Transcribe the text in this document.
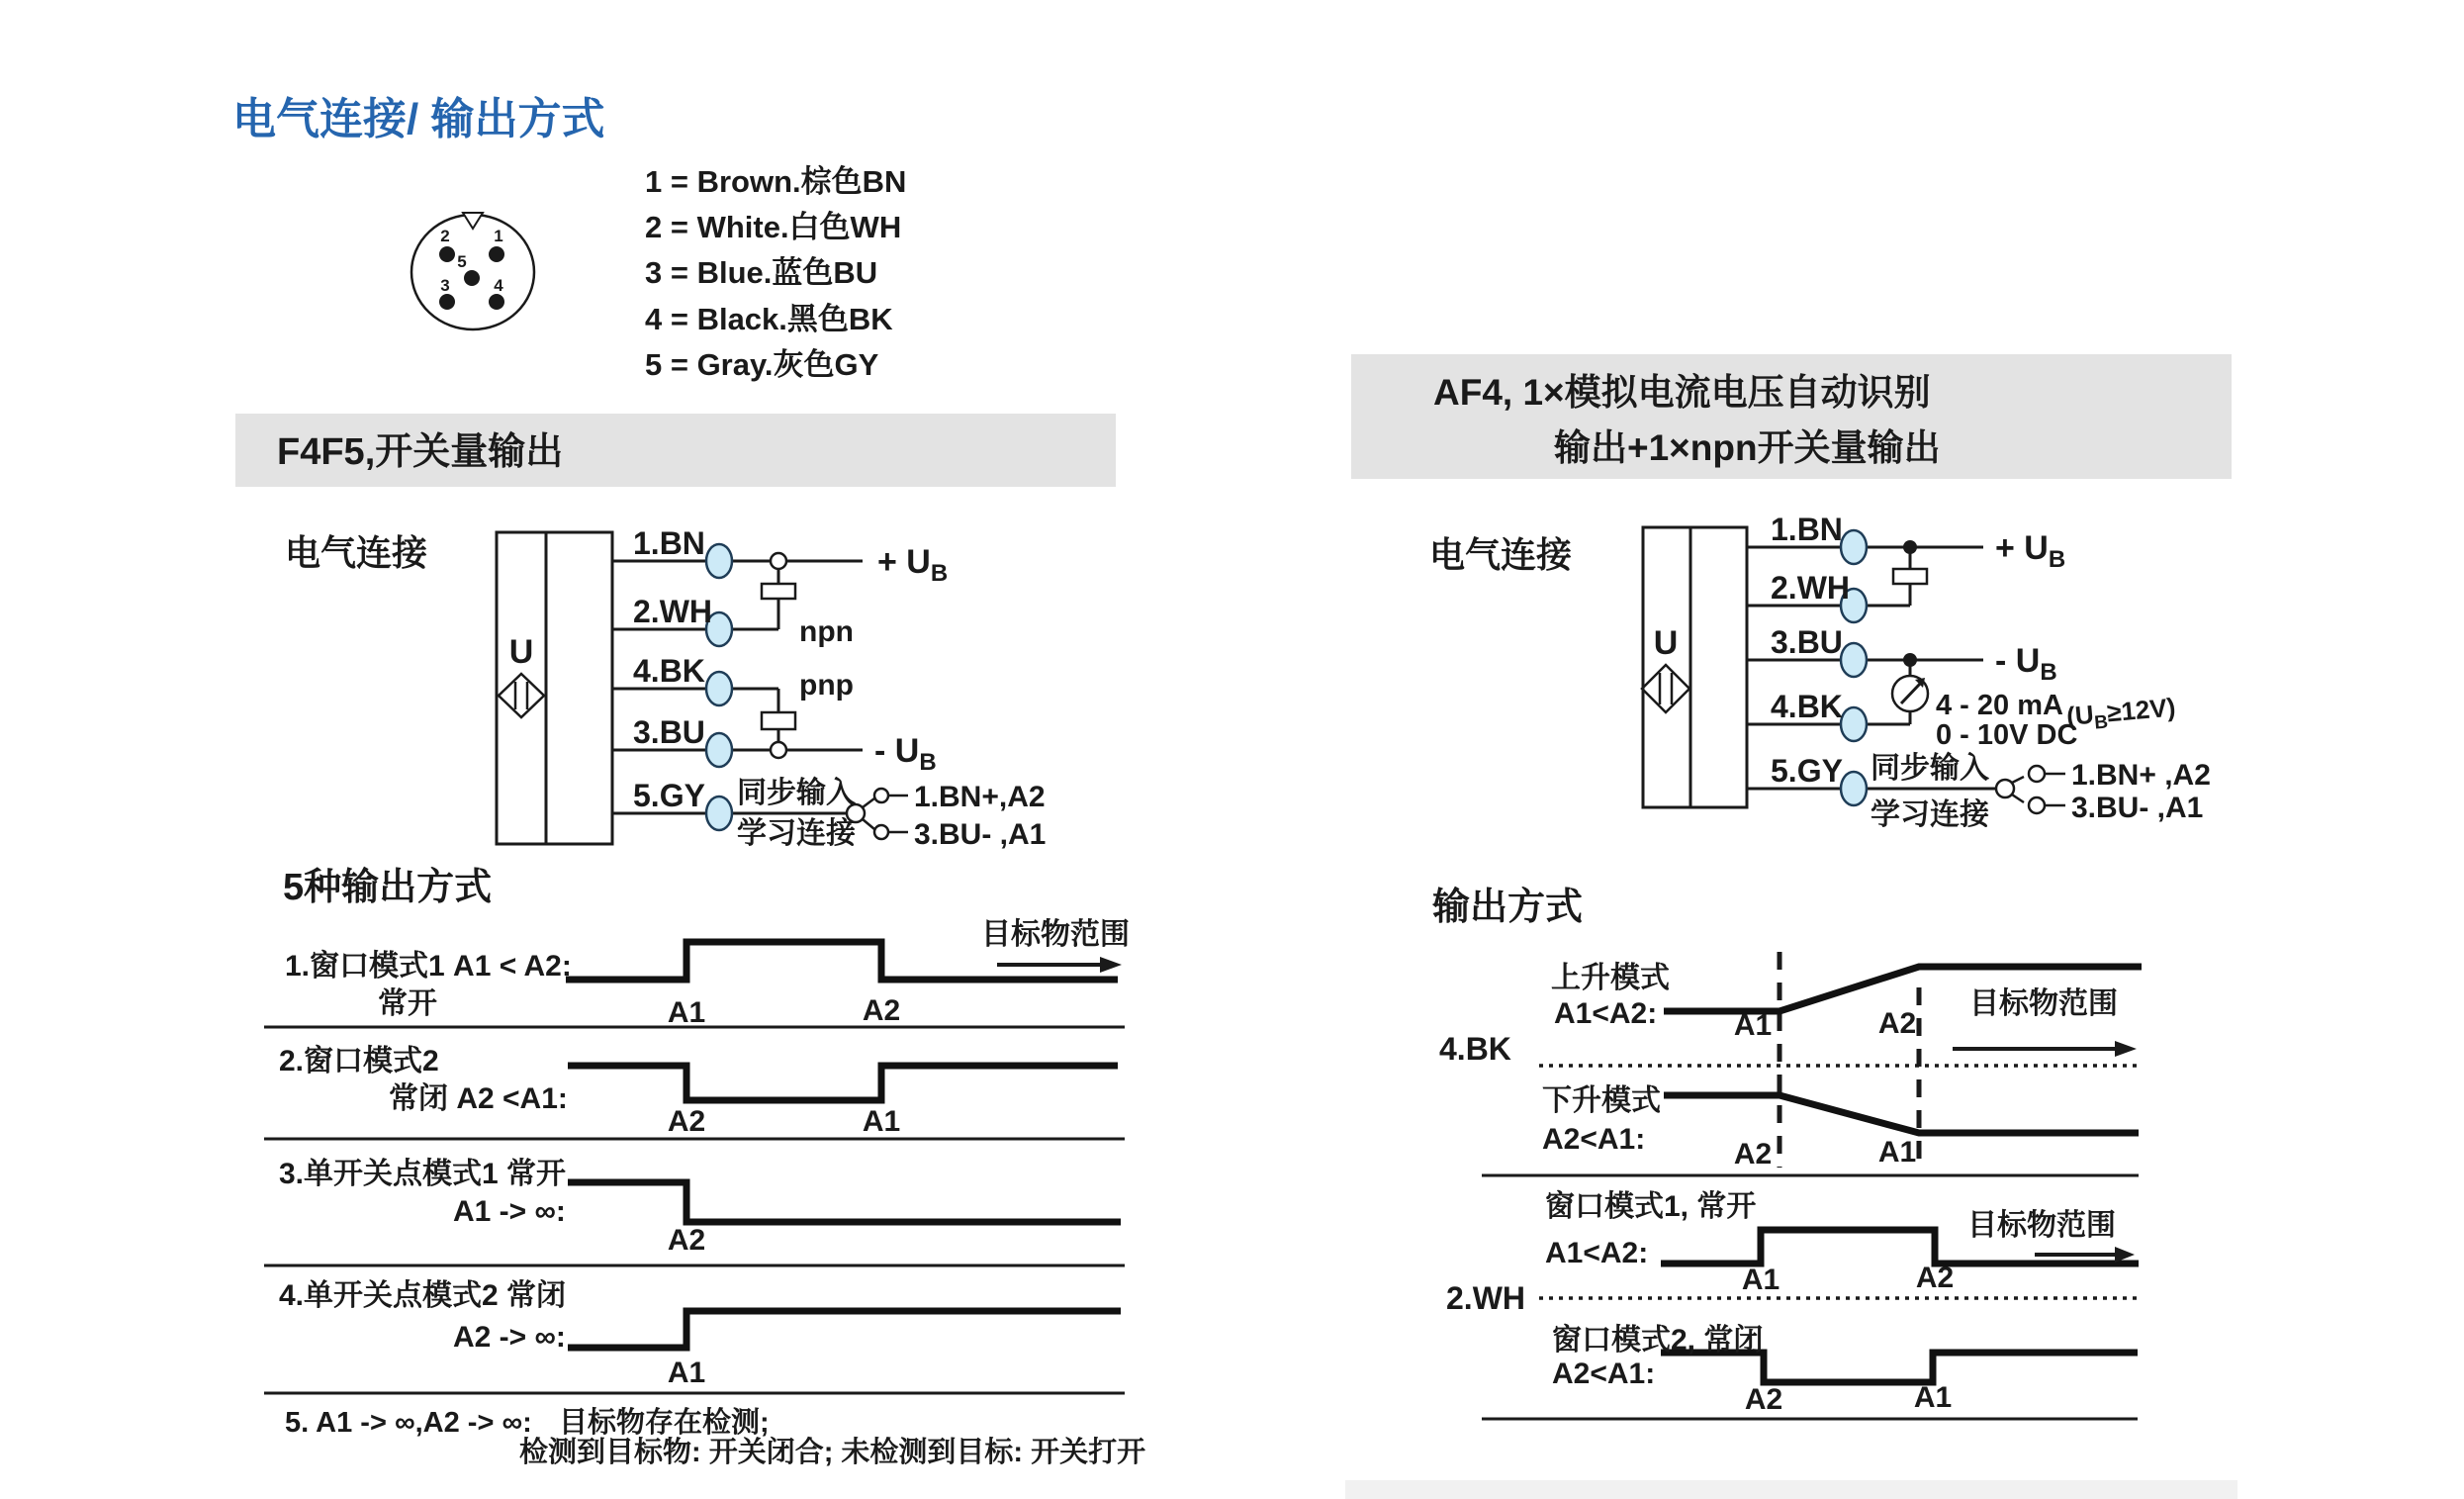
电气连接/ 输出方式
1 = Brown.棕色BN
2 = White.白色WH
3 = Blue.蓝色BU
4 = Black.黑色BK
5 = Gray.灰色GY
2	1
5
3	4
F4F5,开关量输出
电气连接
U
1.BN
2.WH
4.BK
3.BU
5.GY
npn
pnp
+ $U_B$
- $U_B$
同步输入
学习连接
1.BN+,A2
3.BU- ,A1
5种输出方式
A1	A2
目标物范围
A2	A1
A2
A1
1.窗口模式1 A1 < A2:
常开
2.窗口模式2
常闭 A2 <A1:
3.单开关点模式1 常开
A1 -> ∞:
4.单开关点模式2 常闭
A2 -> ∞:
5. A1 -> ∞,A2 -> ∞: 目标物存在检测;
检测到目标物: 开关闭合; 未检测到目标: 开关打开
AF4, 1×模拟电流电压自动识别
输出+1×npn开关量输出
电气连接
U
1.BN
2.WH
3.BU
4.BK
5.GY
+ $U_B$
- $U_B$
4 - 20 mA
0 - 10V DC
$(U_B\ge 12V)$
同步输入
学习连接
1.BN+ ,A2
3.BU- ,A1
输出方式
A1	A2
目标物范围
A2	A1
A1	A2
目标物范围
A2	A1
上升模式
A1<A2:
下升模式
A2<A1:
窗口模式1, 常开
A1<A2:
窗口模式2, 常闭
A2<A1:
4.BK
2.WH
